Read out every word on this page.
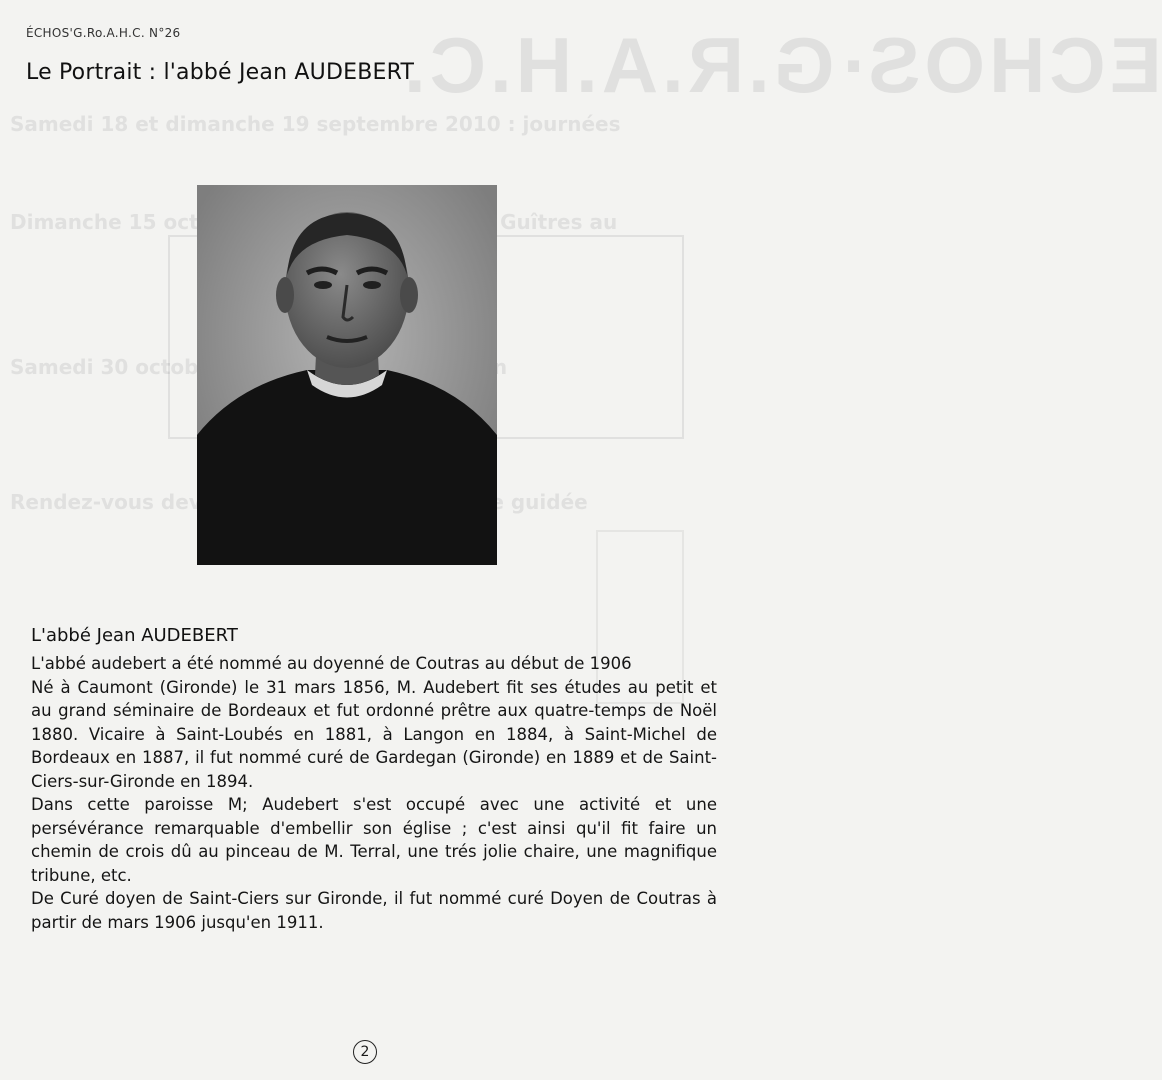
ECHOS·G.R.A.H.C.
Samedi 18 et dimanche 19 septembre 2010 : journées
Dimanche 15 Guîtres au
Samedi 30 octobre
Rendez-vous guidée
ÉCHOS'G.Ro.A.H.C. N°26
Le Portrait : l'abbé Jean AUDEBERT
L'abbé Jean AUDEBERT

L'abbé audebert a été nommé au doyenné de Coutras au début de 1906

Né à Caumont (Gironde) le 31 mars 1856, M. Audebert fit ses études au petit et au grand séminaire de Bordeaux et fut ordonné prêtre aux quatre-temps de Noël 1880. Vicaire à Saint-Loubés en 1881, à Langon en 1884, à Saint-Michel de Bordeaux en 1887, il fut nommé curé de Gardegan (Gironde) en 1889 et de Saint-Ciers-sur-Gironde en 1894.

Dans cette paroisse M; Audebert s'est occupé avec une activité et une persévérance remarquable d'embellir son église ; c'est ainsi qu'il fit faire un chemin de crois dû au pinceau de M. Terral, une trés jolie chaire, une magnifique tribune, etc.

De Curé doyen de Saint-Ciers sur Gironde, il fut nommé curé Doyen de Coutras à partir de mars 1906 jusqu'en 1911.

2
